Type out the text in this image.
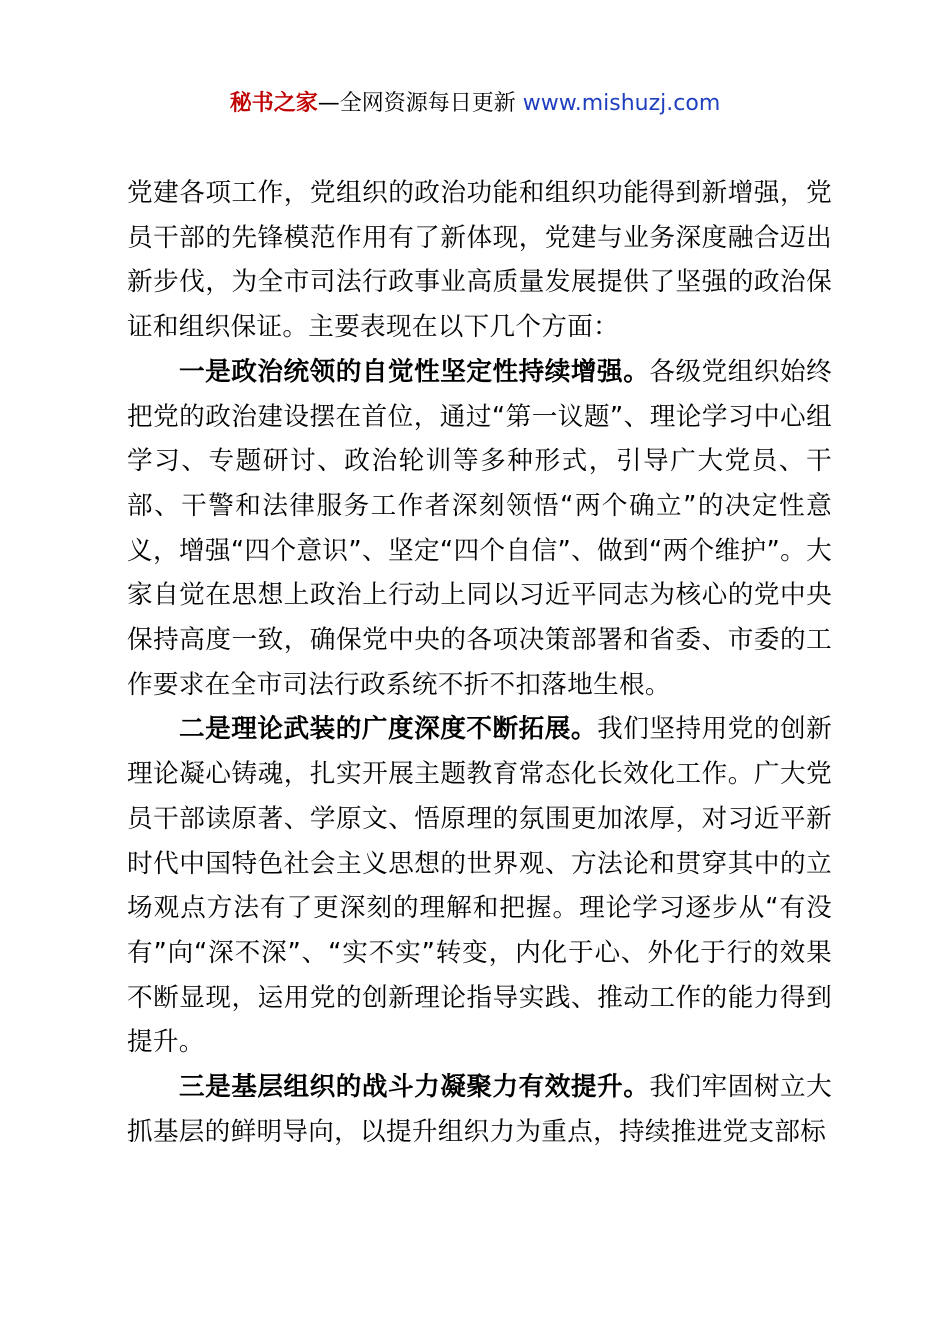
秘书之家—全网资源每日更新 www.mishuzj.com

党建各项工作，党组织的政治功能和组织功能得到新增强，党员干部的先锋模范作用有了新体现，党建与业务深度融合迈出新步伐，为全市司法行政事业高质量发展提供了坚强的政治保证和组织保证。主要表现在以下几个方面：

一是政治统领的自觉性坚定性持续增强。各级党组织始终把党的政治建设摆在首位，通过“第一议题”、理论学习中心组学习、专题研讨、政治轮训等多种形式，引导广大党员、干部、干警和法律服务工作者深刻领悟“两个确立”的决定性意义，增强“四个意识”、坚定“四个自信”、做到“两个维护”。大家自觉在思想上政治上行动上同以习近平同志为核心的党中央保持高度一致，确保党中央的各项决策部署和省委、市委的工作要求在全市司法行政系统不折不扣落地生根。

二是理论武装的广度深度不断拓展。我们坚持用党的创新理论凝心铸魂，扎实开展主题教育常态化长效化工作。广大党员干部读原著、学原文、悟原理的氛围更加浓厚，对习近平新时代中国特色社会主义思想的世界观、方法论和贯穿其中的立场观点方法有了更深刻的理解和把握。理论学习逐步从“有没有”向“深不深”、“实不实”转变，内化于心、外化于行的效果不断显现，运用党的创新理论指导实践、推动工作的能力得到提升。

三是基层组织的战斗力凝聚力有效提升。我们牢固树立大抓基层的鲜明导向，以提升组织力为重点，持续推进党支部标
